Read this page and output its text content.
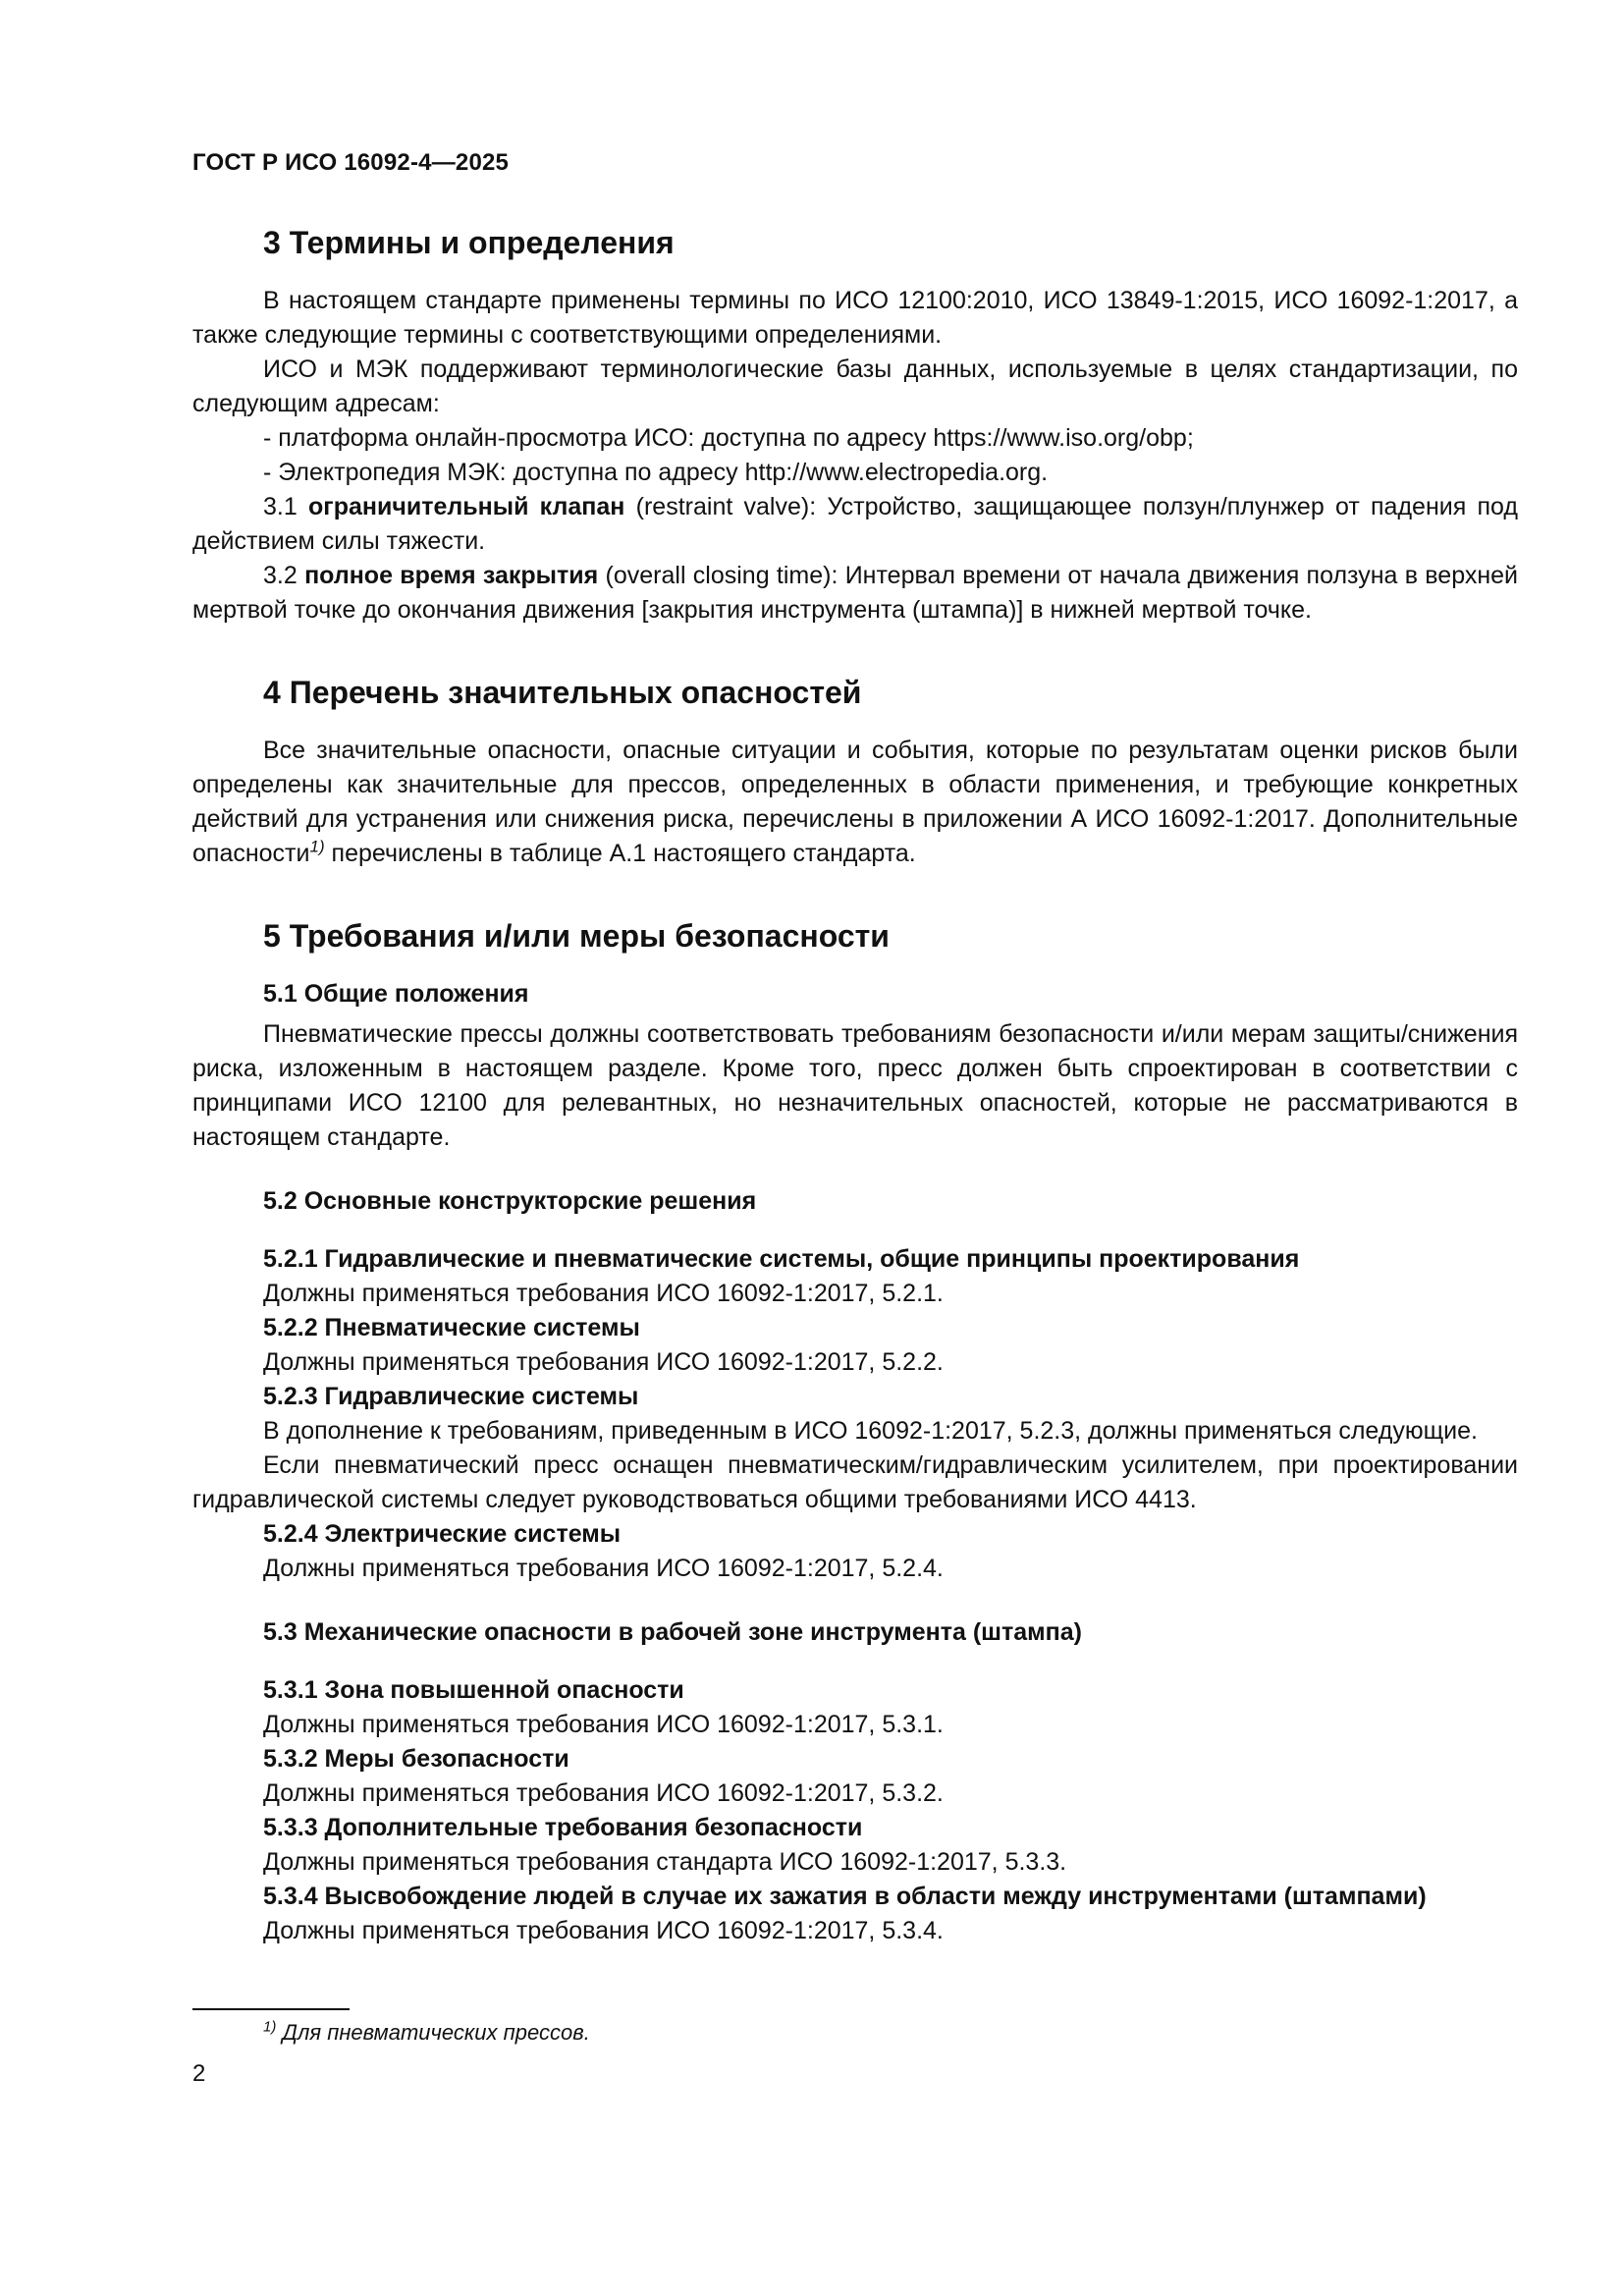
ГОСТ Р ИСО 16092-4—2025
3 Термины и определения

В настоящем стандарте применены термины по ИСО 12100:2010, ИСО 13849-1:2015, ИСО 16092-1:2017, а также следующие термины с соответствующими определениями.

ИСО и МЭК поддерживают терминологические базы данных, используемые в целях стандартизации, по следующим адресам:

- платформа онлайн-просмотра ИСО: доступна по адресу https://www.iso.org/obp;

- Электропедия МЭК: доступна по адресу http://www.electropedia.org.

3.1 ограничительный клапан (restraint valve): Устройство, защищающее ползун/плунжер от падения под действием силы тяжести.

3.2 полное время закрытия (overall closing time): Интервал времени от начала движения ползуна в верхней мертвой точке до окончания движения [закрытия инструмента (штампа)] в нижней мертвой точке.

4 Перечень значительных опасностей

Все значительные опасности, опасные ситуации и события, которые по результатам оценки рисков были определены как значительные для прессов, определенных в области применения, и требующие конкретных действий для устранения или снижения риска, перечислены в приложении А ИСО 16092-1:2017. Дополнительные опасности$^{1)}$ перечислены в таблице А.1 настоящего стандарта.

5 Требования и/или меры безопасности
5.1 Общие положения

Пневматические прессы должны соответствовать требованиям безопасности и/или мерам защиты/снижения риска, изложенным в настоящем разделе. Кроме того, пресс должен быть спроектирован в соответствии с принципами ИСО 12100 для релевантных, но незначительных опасностей, которые не рассматриваются в настоящем стандарте.

5.2 Основные конструкторские решения
5.2.1 Гидравлические и пневматические системы, общие принципы проектирования

Должны применяться требования ИСО 16092-1:2017, 5.2.1.

5.2.2 Пневматические системы

Должны применяться требования ИСО 16092-1:2017, 5.2.2.

5.2.3 Гидравлические системы

В дополнение к требованиям, приведенным в ИСО 16092-1:2017, 5.2.3, должны применяться следующие.

Если пневматический пресс оснащен пневматическим/гидравлическим усилителем, при проектировании гидравлической системы следует руководствоваться общими требованиями ИСО 4413.

5.2.4 Электрические системы

Должны применяться требования ИСО 16092-1:2017, 5.2.4.

5.3 Механические опасности в рабочей зоне инструмента (штампа)
5.3.1 Зона повышенной опасности

Должны применяться требования ИСО 16092-1:2017, 5.3.1.

5.3.2 Меры безопасности

Должны применяться требования ИСО 16092-1:2017, 5.3.2.

5.3.3 Дополнительные требования безопасности

Должны применяться требования стандарта ИСО 16092-1:2017, 5.3.3.

5.3.4 Высвобождение людей в случае их зажатия в области между инструментами (штампами)

Должны применяться требования ИСО 16092-1:2017, 5.3.4.

$^{1)}$ Для пневматических прессов.
2
